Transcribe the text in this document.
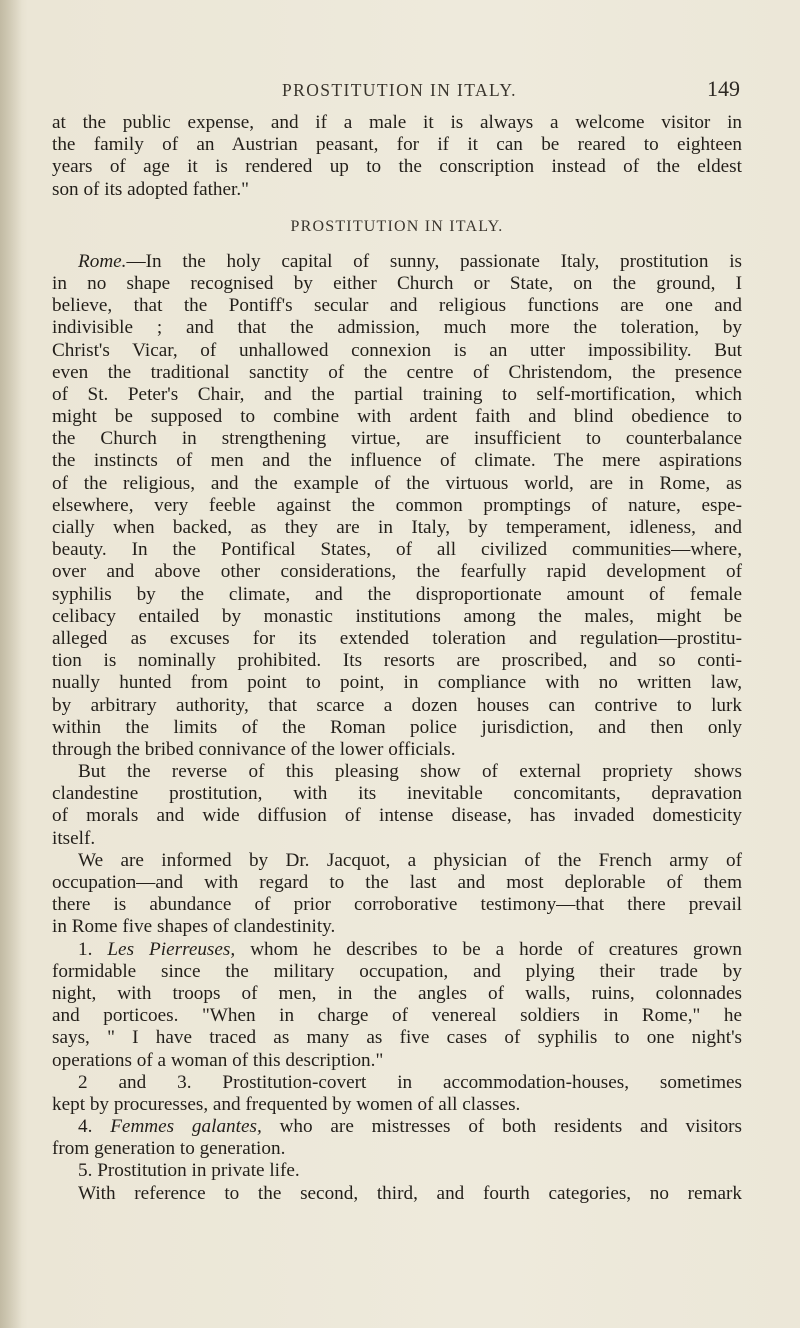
PROSTITUTION IN ITALY.	149
at the public expense, and if a male it is always a welcome visitor in
the family of an Austrian peasant, for if it can be reared to eighteen
years of age it is rendered up to the conscription instead of the eldest
son of its adopted father."
PROSTITUTION IN ITALY.
Rome.—In the holy capital of sunny, passionate Italy, prostitution is
in no shape recognised by either Church or State, on the ground, I
believe, that the Pontiff's secular and religious functions are one and
indivisible ; and that the admission, much more the toleration, by
Christ's Vicar, of unhallowed connexion is an utter impossibility. But
even the traditional sanctity of the centre of Christendom, the presence
of St. Peter's Chair, and the partial training to self-mortification, which
might be supposed to combine with ardent faith and blind obedience to
the Church in strengthening virtue, are insufficient to counterbalance
the instincts of men and the influence of climate. The mere aspirations
of the religious, and the example of the virtuous world, are in Rome, as
elsewhere, very feeble against the common promptings of nature, espe-
cially when backed, as they are in Italy, by temperament, idleness, and
beauty. In the Pontifical States, of all civilized communities—where,
over and above other considerations, the fearfully rapid development of
syphilis by the climate, and the disproportionate amount of female
celibacy entailed by monastic institutions among the males, might be
alleged as excuses for its extended toleration and regulation—prostitu-
tion is nominally prohibited. Its resorts are proscribed, and so conti-
nually hunted from point to point, in compliance with no written law,
by arbitrary authority, that scarce a dozen houses can contrive to lurk
within the limits of the Roman police jurisdiction, and then only
through the bribed connivance of the lower officials.
But the reverse of this pleasing show of external propriety shows
clandestine prostitution, with its inevitable concomitants, depravation
of morals and wide diffusion of intense disease, has invaded domesticity
itself.
We are informed by Dr. Jacquot, a physician of the French army of
occupation—and with regard to the last and most deplorable of them
there is abundance of prior corroborative testimony—that there prevail
in Rome five shapes of clandestinity.
1. Les Pierreuses, whom he describes to be a horde of creatures grown
formidable since the military occupation, and plying their trade by
night, with troops of men, in the angles of walls, ruins, colonnades
and porticoes. "When in charge of venereal soldiers in Rome," he
says, " I have traced as many as five cases of syphilis to one night's
operations of a woman of this description."
2 and 3. Prostitution-covert in accommodation-houses, sometimes
kept by procuresses, and frequented by women of all classes.
4. Femmes galantes, who are mistresses of both residents and visitors
from generation to generation.
5. Prostitution in private life.
With reference to the second, third, and fourth categories, no remark
